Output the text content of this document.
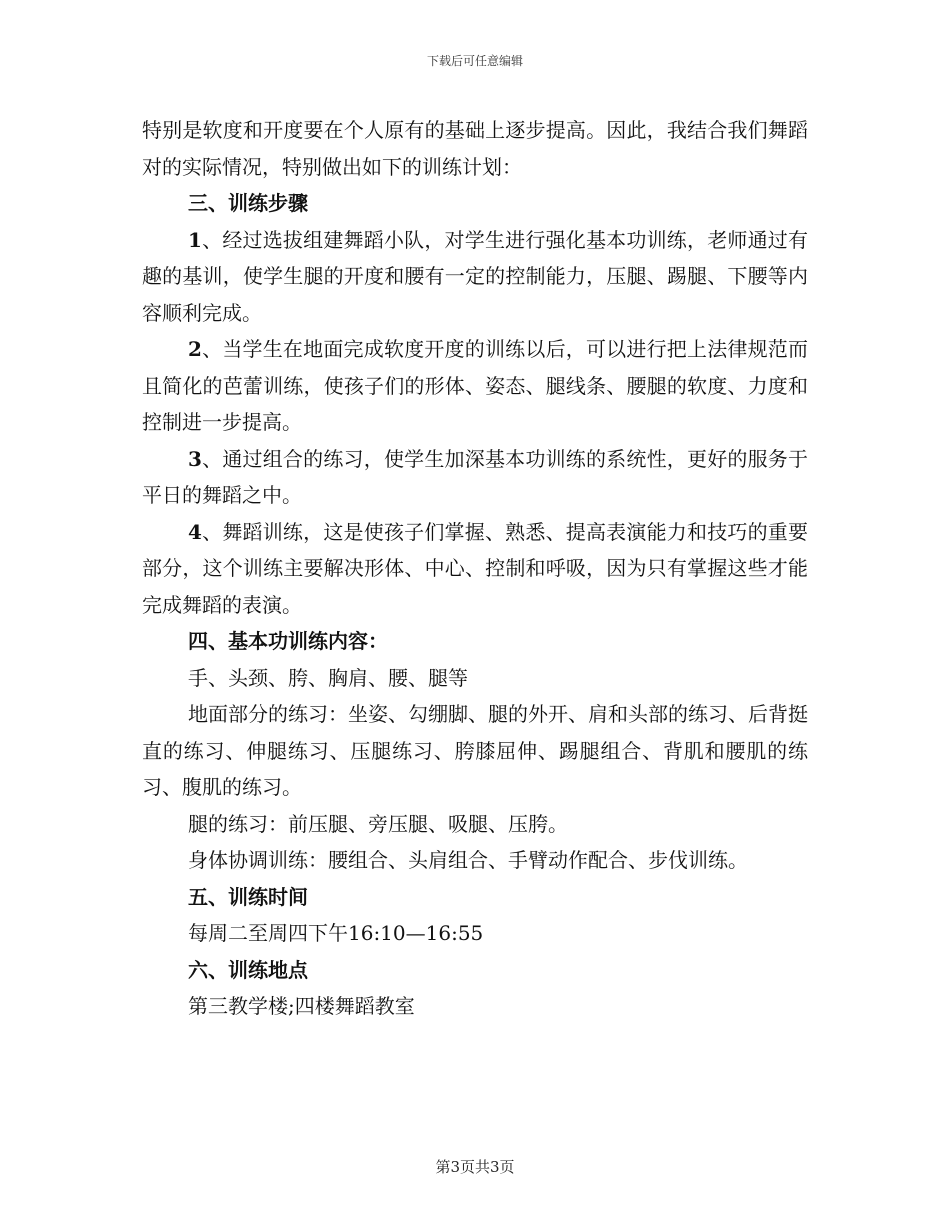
下载后可任意编辑

特别是软度和开度要在个人原有的基础上逐步提高。因此，我结合我们舞蹈对的实际情况，特别做出如下的训练计划：

三、训练步骤

1、经过选拔组建舞蹈小队，对学生进行强化基本功训练，老师通过有趣的基训，使学生腿的开度和腰有一定的控制能力，压腿、踢腿、下腰等内容顺利完成。

2、当学生在地面完成软度开度的训练以后，可以进行把上法律规范而且简化的芭蕾训练，使孩子们的形体、姿态、腿线条、腰腿的软度、力度和控制进一步提高。

3、通过组合的练习，使学生加深基本功训练的系统性，更好的服务于平日的舞蹈之中。

4、舞蹈训练，这是使孩子们掌握、熟悉、提高表演能力和技巧的重要部分，这个训练主要解决形体、中心、控制和呼吸，因为只有掌握这些才能完成舞蹈的表演。

四、基本功训练内容：

手、头颈、胯、胸肩、腰、腿等

地面部分的练习：坐姿、勾绷脚、腿的外开、肩和头部的练习、后背挺直的练习、伸腿练习、压腿练习、胯膝屈伸、踢腿组合、背肌和腰肌的练习、腹肌的练习。

腿的练习：前压腿、旁压腿、吸腿、压胯。

身体协调训练：腰组合、头肩组合、手臂动作配合、步伐训练。

五、训练时间

每周二至周四下午16:10—16:55

六、训练地点

第三教学楼;四楼舞蹈教室

第3页共3页
